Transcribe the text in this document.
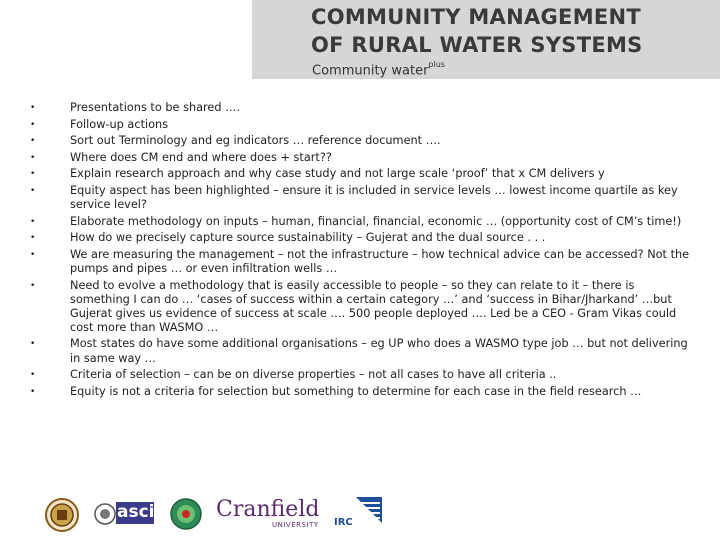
COMMUNITY MANAGEMENT
OF RURAL WATER SYSTEMS
Community water$^{plus}$
•	Presentations to be shared ….
•	Follow-up actions
•	Sort out Terminology and eg indicators … reference document ….
•	Where does CM end and where does + start??
•	Explain research approach and why case study and not large scale ‘proof’ that x CM delivers y
•	Equity aspect has been highlighted – ensure it is included in service levels … lowest income quartile as key service level?
•	Elaborate methodology on inputs – human, financial, financial, economic … (opportunity cost of CM’s time!)
•	How do we precisely capture source sustainability – Gujerat and the dual source . . .
•	We are measuring the management – not the infrastructure – how technical advice can be accessed? Not the pumps and pipes … or even infiltration wells …
•	Need to evolve a methodology that is easily accessible to people – so they can relate to it – there is something I can do … ‘cases of success within a certain category …’ and ‘success in Bihar/Jharkand’ …but Gujerat gives us evidence of success at scale …. 500 people deployed …. Led be a CEO - Gram Vikas could cost more than WASMO …
•	Most states do have some additional organisations – eg UP who does a WASMO type job … but not delivering in same way …
•	Criteria of selection – can be on diverse properties – not all cases to have all criteria ..
•	Equity is not a criteria for selection but something to determine for each case in the field research …
asci	Cranfield
UNIVERSITY IRC
